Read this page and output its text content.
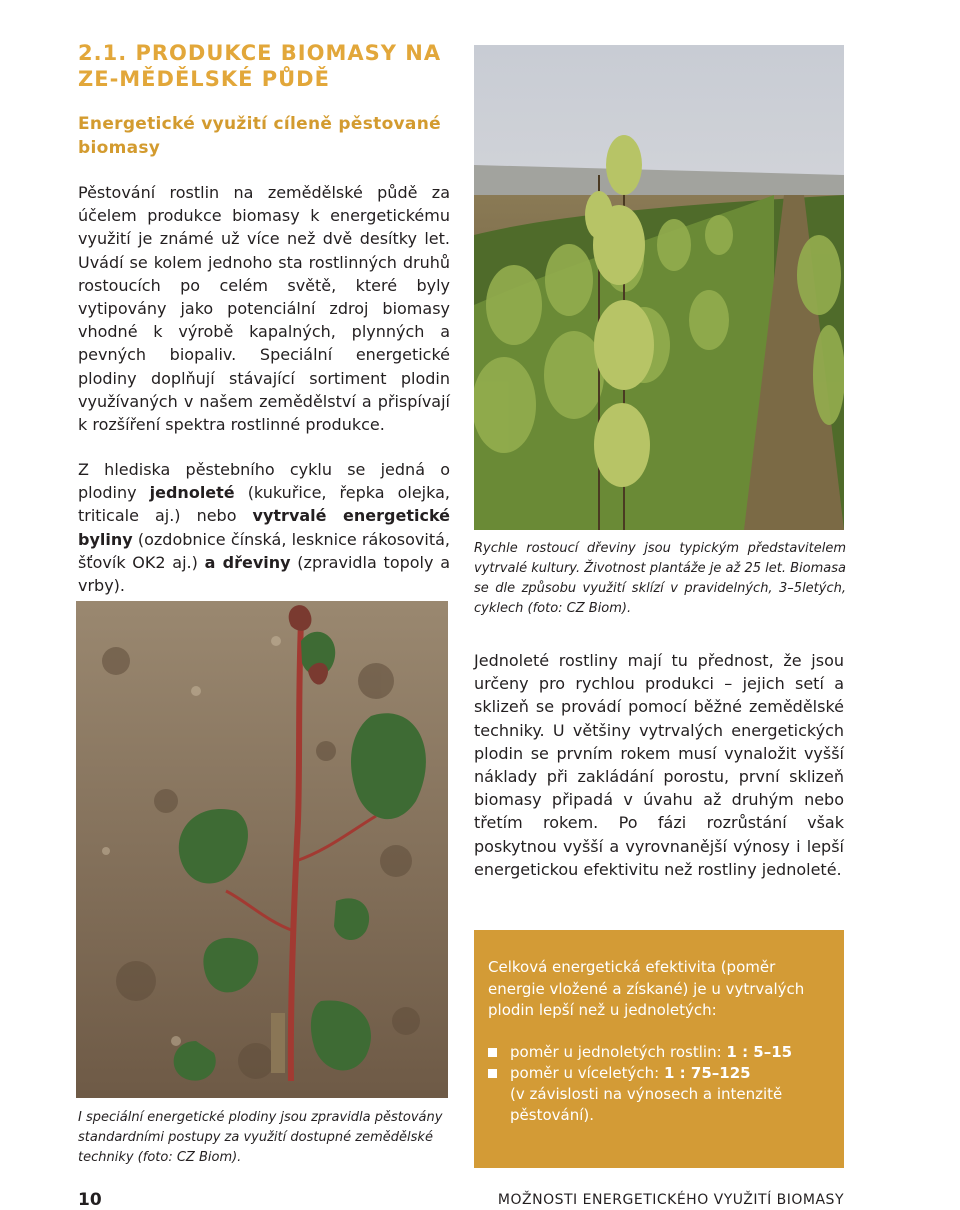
2.1. PRODUKCE BIOMASY NA ZE-MĚDĚLSKÉ PŮDĚ
Energetické využití cíleně pěstované biomasy
Pěstování rostlin na zemědělské půdě za účelem produkce biomasy k energetickému využití je známé už více než dvě desítky let. Uvádí se kolem jednoho sta rostlinných druhů rostoucích po celém světě, které byly vytipovány jako potenciální zdroj biomasy vhodné k výrobě kapalných, plynných a pevných biopaliv. Speciální energetické plodiny doplňují stávající sortiment plodin využívaných v našem zemědělství a přispívají k rozšíření spektra rostlinné produkce.
Z hlediska pěstebního cyklu se jedná o plodiny jednoleté (kukuřice, řepka olejka, triticale aj.) nebo vytrvalé energetické byliny (ozdobnice čínská, lesknice rákosovitá, šťovík OK2 aj.) a dřeviny (zpravidla topoly a vrby).
Rychle rostoucí dřeviny jsou typickým představitelem vytrvalé kultury. Životnost plantáže je až 25 let. Biomasa se dle způsobu využití sklízí v pravidelných, 3–5letých, cyklech (foto: CZ Biom).
I speciální energetické plodiny jsou zpravidla pěstovány standardními postupy za využití dostupné zemědělské techniky (foto: CZ Biom).
Jednoleté rostliny mají tu přednost, že jsou určeny pro rychlou produkci – jejich setí a sklizeň se provádí pomocí běžné zemědělské techniky. U většiny vytrvalých energetických plodin se prvním rokem musí vynaložit vyšší náklady při zakládání porostu, první sklizeň biomasy připadá v úvahu až druhým nebo třetím rokem. Po fázi rozrůstání však poskytnou vyšší a vyrovnanější výnosy i lepší energetickou efektivitu než rostliny jednoleté.

Celková energetická efektivita (poměr energie vložené a získané) je u vytrvalých plodin lepší než u jednoletých:

poměr u jednoletých rostlin: 1 : 5–15
poměr u víceletých: 1 : 75–125
(v závislosti na výnosech a intenzitě pěstování).
10	MOŽNOSTI ENERGETICKÉHO VYUŽITÍ BIOMASY
